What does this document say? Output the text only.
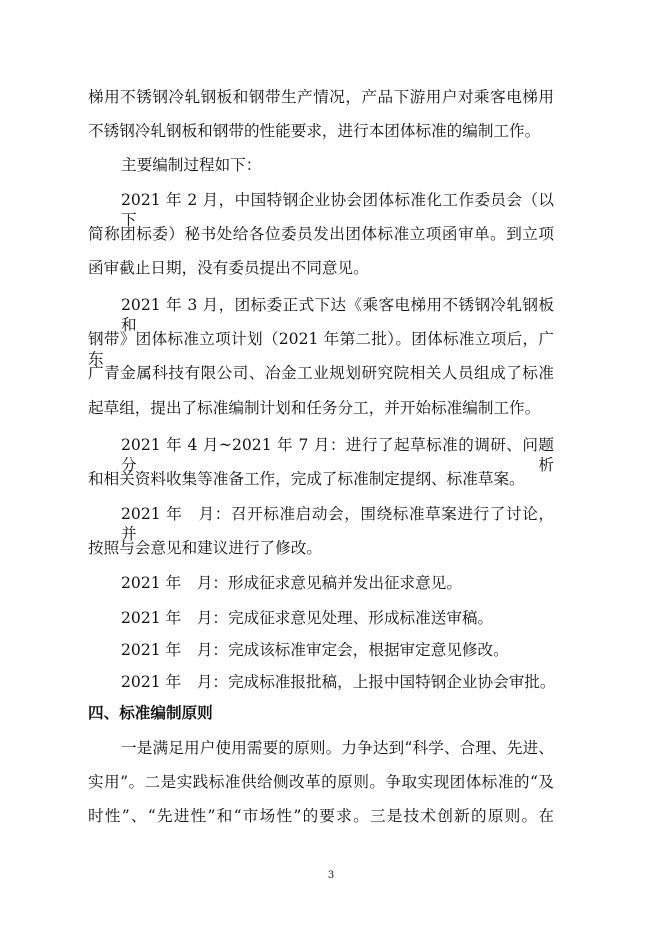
梯用不锈钢冷轧钢板和钢带生产情况，产品下游用户对乘客电梯用
不锈钢冷轧钢板和钢带的性能要求，进行本团体标准的编制工作。
主要编制过程如下：
2021 年 2 月，中国特钢企业协会团体标准化工作委员会（以下
简称团标委）秘书处给各位委员发出团体标准立项函审单。到立项
函审截止日期，没有委员提出不同意见。
2021 年 3 月，团标委正式下达《乘客电梯用不锈钢冷轧钢板和
钢带》团体标准立项计划（2021 年第二批）。团体标准立项后，广东
广青金属科技有限公司、冶金工业规划研究院相关人员组成了标准
起草组，提出了标准编制计划和任务分工，并开始标准编制工作。
2021 年 4 月~2021 年 7 月：进行了起草标准的调研、问题分析
和相关资料收集等准备工作，完成了标准制定提纲、标准草案。
2021 年　月：召开标准启动会，围绕标准草案进行了讨论，并
按照与会意见和建议进行了修改。
2021 年　月：形成征求意见稿并发出征求意见。
2021 年　月：完成征求意见处理、形成标准送审稿。
2021 年　月：完成该标准审定会，根据审定意见修改。
2021 年　月：完成标准报批稿，上报中国特钢企业协会审批。
四、标准编制原则
一是满足用户使用需要的原则。力争达到“科学、合理、先进、
实用”。二是实践标准供给侧改革的原则。争取实现团体标准的“及
时性”、“先进性”和“市场性”的要求。三是技术创新的原则。在
3
